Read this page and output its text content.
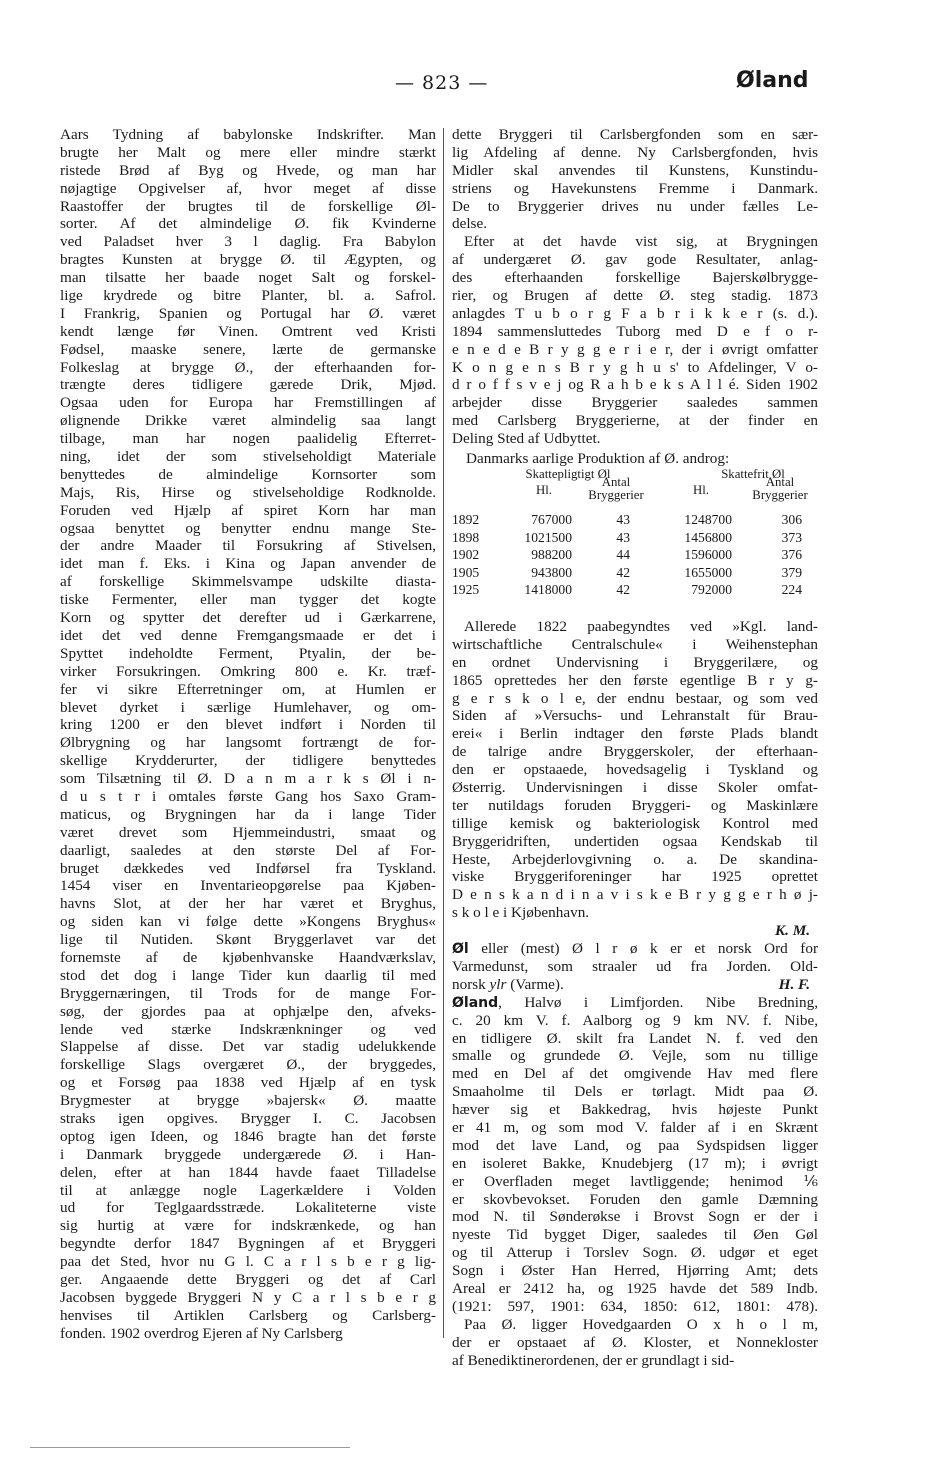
— 823 —	Øland
Aars Tydning af babylonske Indskrifter. Man
brugte her Malt og mere eller mindre stærkt
ristede Brød af Byg og Hvede, og man har
nøjagtige Opgivelser af, hvor meget af disse
Raastoffer der brugtes til de forskellige Øl-
sorter. Af det almindelige Ø. fik Kvinderne
ved Paladset hver 3 l daglig. Fra Babylon
bragtes Kunsten at brygge Ø. til Ægypten, og
man tilsatte her baade noget Salt og forskel-
lige krydrede og bitre Planter, bl. a. Safrol.
I Frankrig, Spanien og Portugal har Ø. været
kendt længe før Vinen. Omtrent ved Kristi
Fødsel, maaske senere, lærte de germanske
Folkeslag at brygge Ø., der efterhaanden for-
trængte deres tidligere gærede Drik, Mjød.
Ogsaa uden for Europa har Fremstillingen af
ølignende Drikke været almindelig saa langt
tilbage, man har nogen paalidelig Efterret-
ning, idet der som stivelseholdigt Materiale
benyttedes de almindelige Kornsorter som
Majs, Ris, Hirse og stivelseholdige Rodknolde.
Foruden ved Hjælp af spiret Korn har man
ogsaa benyttet og benytter endnu mange Ste-
der andre Maader til Forsukring af Stivelsen,
idet man f. Eks. i Kina og Japan anvender de
af forskellige Skimmelsvampe udskilte diasta-
tiske Fermenter, eller man tygger det kogte
Korn og spytter det derefter ud i Gærkarrene,
idet det ved denne Fremgangsmaade er det i
Spyttet indeholdte Ferment, Ptyalin, der be-
virker Forsukringen. Omkring 800 e. Kr. træf-
fer vi sikre Efterretninger om, at Humlen er
blevet dyrket i særlige Humlehaver, og om-
kring 1200 er den blevet indført i Norden til
Ølbrygning og har langsomt fortrængt de for-
skellige Krydderurter, der tidligere benyttedes
som Tilsætning til Ø. D a n m a r k s Øl i n-
d u s t r i omtales første Gang hos Saxo Gram-
maticus, og Brygningen har da i lange Tider
været drevet som Hjemmeindustri, smaat og
daarligt, saaledes at den største Del af For-
bruget dækkedes ved Indførsel fra Tyskland.
1454 viser en Inventarieopgørelse paa Kjøben-
havns Slot, at der her har været et Bryghus,
og siden kan vi følge dette »Kongens Bryghus«
lige til Nutiden. Skønt Bryggerlavet var det
fornemste af de kjøbenhvanske Haandværkslav,
stod det dog i lange Tider kun daarlig til med
Bryggernæringen, til Trods for de mange For-
søg, der gjordes paa at ophjælpe den, afveks-
lende ved stærke Indskrænkninger og ved
Slappelse af disse. Det var stadig udelukkende
forskellige Slags overgæret Ø., der bryggedes,
og et Forsøg paa 1838 ved Hjælp af en tysk
Brygmester at brygge »bajersk« Ø. maatte
straks igen opgives. Brygger I. C. Jacobsen
optog igen Ideen, og 1846 bragte han det første
i Danmark bryggede undergærede Ø. i Han-
delen, efter at han 1844 havde faaet Tilladelse
til at anlægge nogle Lagerkældere i Volden
ud for Teglgaardsstræde. Lokaliteterne viste
sig hurtig at være for indskrænkede, og han
begyndte derfor 1847 Bygningen af et Bryggeri
paa det Sted, hvor nu G l. C a r l s b e r g lig-
ger. Angaaende dette Bryggeri og det af Carl
Jacobsen byggede Bryggeri N y C a r l s b e r g
henvises til Artiklen Carlsberg og Carlsberg-
fonden. 1902 overdrog Ejeren af Ny Carlsberg
dette Bryggeri til Carlsbergfonden som en sær-
lig Afdeling af denne. Ny Carlsbergfonden, hvis
Midler skal anvendes til Kunstens, Kunstindu-
striens og Havekunstens Fremme i Danmark.
De to Bryggerier drives nu under fælles Le-
delse.
Efter at det havde vist sig, at Brygningen
af undergæret Ø. gav gode Resultater, anlag-
des efterhaanden forskellige Bajerskølbrygge-
rier, og Brugen af dette Ø. steg stadig. 1873
anlagdes T u b o r g F a b r i k k e r (s. d.).
1894 sammensluttedes Tuborg med D e f o r-
e n e d e B r y g g e r i e r, der i øvrigt omfatter
K o n g e n s B r y g h u s' to Afdelinger, V o-
d r o f f s v e j og R a h b e k s A l l é. Siden 1902
arbejder disse Bryggerier saaledes sammen
med Carlsberg Bryggerierne, at der finder en
Deling Sted af Udbyttet.
Danmarks aarlige Produktion af Ø. androg:
Skattepligtigt Øl	Skattefrit Øl
Hl.
Antal Bryggerier	Hl.
Antal Bryggerier
1892	767000	43	1248700	306
1898	1021500	43	1456800	373
1902	988200	44	1596000	376
1905	943800	42	1655000	379
1925	1418000	42	792000	224
Allerede 1822 paabegyndtes ved »Kgl. land-
wirtschaftliche Centralschule« i Weihenstephan
en ordnet Undervisning i Bryggerilære, og
1865 oprettedes her den første egentlige B r y g-
g e r s k o l e, der endnu bestaar, og som ved
Siden af »Versuchs- und Lehranstalt für Brau-
erei« i Berlin indtager den første Plads blandt
de talrige andre Bryggerskoler, der efterhaan-
den er opstaaede, hovedsagelig i Tyskland og
Østerrig. Undervisningen i disse Skoler omfat-
ter nutildags foruden Bryggeri- og Maskinlære
tillige kemisk og bakteriologisk Kontrol med
Bryggeridriften, undertiden ogsaa Kendskab til
Heste, Arbejderlovgivning o. a. De skandina-
viske Bryggeriforeninger har 1925 oprettet
D e n s k a n d i n a v i s k e B r y g g e r h ø j-
s k o l e i Kjøbenhavn.
K. M.
Øl eller (mest) Ø l r ø k er et norsk Ord for
Varmedunst, som straaler ud fra Jorden. Old-
norsk ylr (Varme).	H. F.
Øland, Halvø i Limfjorden. Nibe Bredning,
c. 20 km V. f. Aalborg og 9 km NV. f. Nibe,
en tidligere Ø. skilt fra Landet N. f. ved den
smalle og grundede Ø. Vejle, som nu tillige
med en Del af det omgivende Hav med flere
Smaaholme til Dels er tørlagt. Midt paa Ø.
hæver sig et Bakkedrag, hvis højeste Punkt
er 41 m, og som mod V. falder af i en Skrænt
mod det lave Land, og paa Sydspidsen ligger
en isoleret Bakke, Knudebjerg (17 m); i øvrigt
er Overfladen meget lavtliggende; henimod ⅙
er skovbevokset. Foruden den gamle Dæmning
mod N. til Sønderøkse i Brovst Sogn er der i
nyeste Tid bygget Diger, saaledes til Øen Gøl
og til Atterup i Torslev Sogn. Ø. udgør et eget
Sogn i Øster Han Herred, Hjørring Amt; dets
Areal er 2412 ha, og 1925 havde det 589 Indb.
(1921: 597, 1901: 634, 1850: 612, 1801: 478).
Paa Ø. ligger Hovedgaarden O x h o l m,
der er opstaaet af Ø. Kloster, et Nonnekloster
af Benediktinerordenen, der er grundlagt i sid-
